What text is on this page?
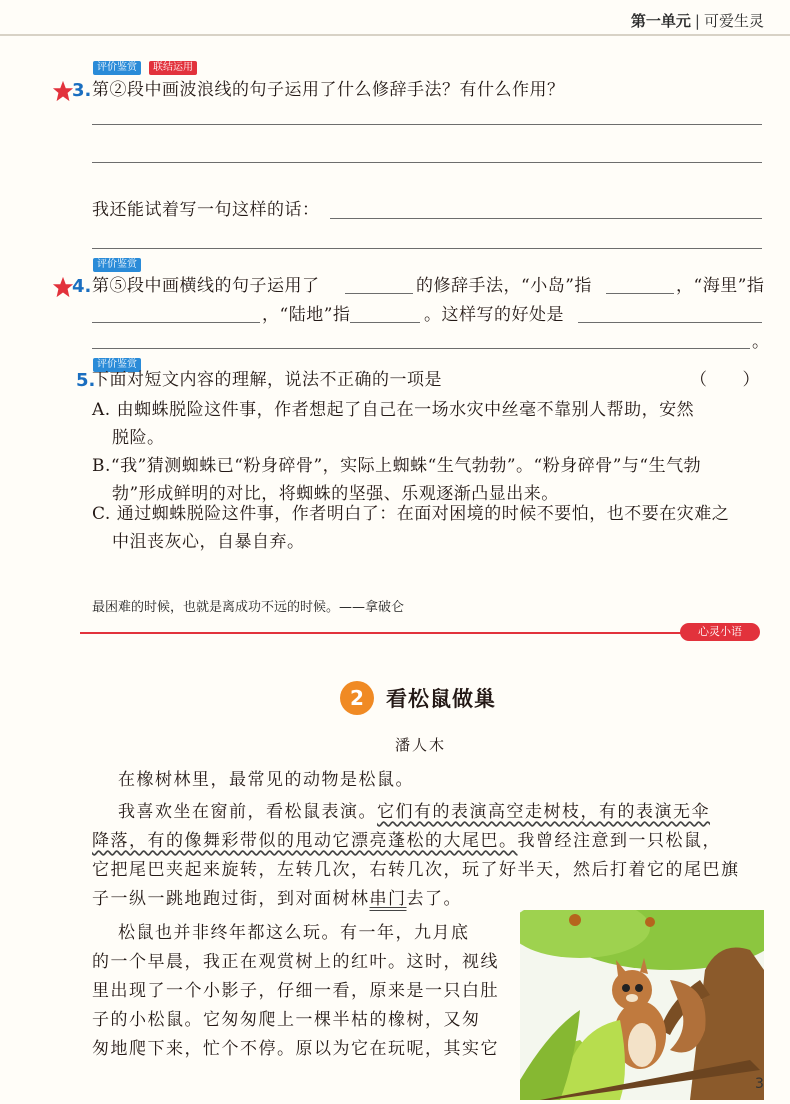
第一单元 | 可爱生灵
评价鉴赏	联结运用
3. 第②段中画波浪线的句子运用了什么修辞手法？有什么作用？
我还能试着写一句这样的话：
评价鉴赏
4. 第⑤段中画横线的句子运用了	的修辞手法，“小岛”指	，“海里”指
，“陆地”指	。这样写的好处是
。
评价鉴赏
5.
下面对短文内容的理解，说法不正确的一项是	（　　）
A. 由蜘蛛脱险这件事，作者想起了自己在一场水灾中丝毫不靠别人帮助，安然
脱险。
B.“我”猜测蜘蛛已“粉身碎骨”，实际上蜘蛛“生气勃勃”。“粉身碎骨”与“生气勃
勃”形成鲜明的对比，将蜘蛛的坚强、乐观逐渐凸显出来。
C. 通过蜘蛛脱险这件事，作者明白了：在面对困境的时候不要怕，也不要在灾难之
中沮丧灰心，自暴自弃。
最困难的时候，也就是离成功不远的时候。——拿破仑
心灵小语
2	看松鼠做巢
潘人木
在橡树林里，最常见的动物是松鼠。
我喜欢坐在窗前，看松鼠表演。它们有的表演高空走树枝，有的表演无伞
降落，有的像舞彩带似的甩动它漂亮蓬松的大尾巴。我曾经注意到一只松鼠，
它把尾巴夹起来旋转，左转几次，右转几次，玩了好半天，然后打着它的尾巴旗
子一纵一跳地跑过街，到对面树林串门去了。
松鼠也并非终年都这么玩。有一年，九月底
的一个早晨，我正在观赏树上的红叶。这时，视线
里出现了一个小影子，仔细一看，原来是一只白肚
子的小松鼠。它匆匆爬上一棵半枯的橡树，又匆
匆地爬下来，忙个不停。原以为它在玩呢，其实它
3
